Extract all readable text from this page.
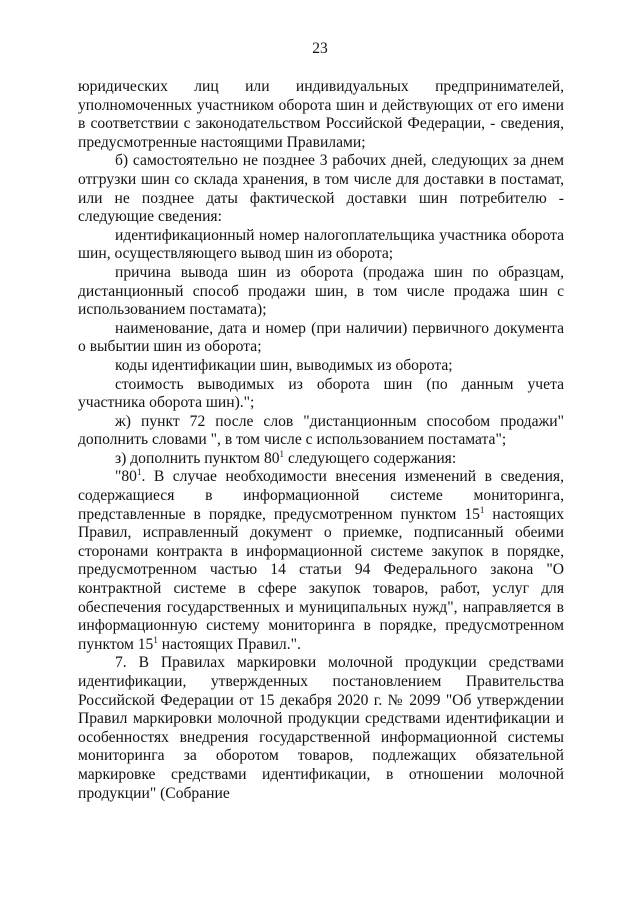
23

юридических лиц или индивидуальных предпринимателей, уполномоченных участником оборота шин и действующих от его имени в соответствии с законодательством Российской Федерации, - сведения, предусмотренные настоящими Правилами;

б) самостоятельно не позднее 3 рабочих дней, следующих за днем отгрузки шин со склада хранения, в том числе для доставки в постамат, или не позднее даты фактической доставки шин потребителю - следующие сведения:

идентификационный номер налогоплательщика участника оборота шин, осуществляющего вывод шин из оборота;

причина вывода шин из оборота (продажа шин по образцам, дистанционный способ продажи шин, в том числе продажа шин с использованием постамата);

наименование, дата и номер (при наличии) первичного документа о выбытии шин из оборота;

коды идентификации шин, выводимых из оборота;

стоимость выводимых из оборота шин (по данным учета участника оборота шин).";

ж) пункт 72 после слов "дистанционным способом продажи" дополнить словами ", в том числе с использованием постамата";

з) дополнить пунктом $80^1$ следующего содержания:

"$80^1$. В случае необходимости внесения изменений в сведения, содержащиеся в информационной системе мониторинга, представленные в порядке, предусмотренном пунктом $15^1$ настоящих Правил, исправленный документ о приемке, подписанный обеими сторонами контракта в информационной системе закупок в порядке, предусмотренном частью 14 статьи 94 Федерального закона "О контрактной системе в сфере закупок товаров, работ, услуг для обеспечения государственных и муниципальных нужд", направляется в информационную систему мониторинга в порядке, предусмотренном пунктом $15^1$ настоящих Правил.".

7. В Правилах маркировки молочной продукции средствами идентификации, утвержденных постановлением Правительства Российской Федерации от 15 декабря 2020 г. № 2099 "Об утверждении Правил маркировки молочной продукции средствами идентификации и особенностях внедрения государственной информационной системы мониторинга за оборотом товаров, подлежащих обязательной маркировке средствами идентификации, в отношении молочной продукции" (Собрание
